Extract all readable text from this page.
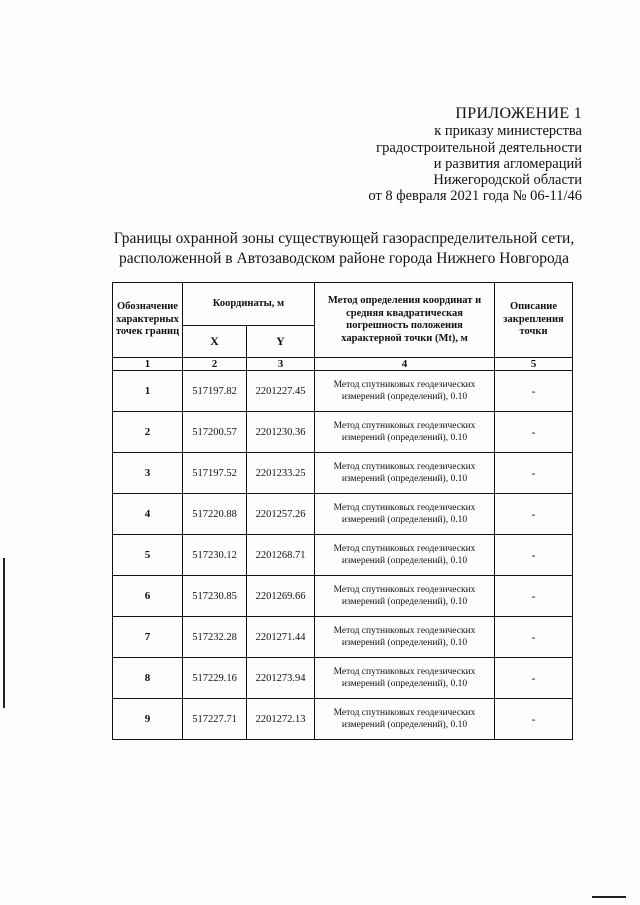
ПРИЛОЖЕНИЕ 1
к приказу министерства
градостроительной деятельности
и развития агломераций
Нижегородской области
от 8 февраля 2021 года № 06-11/46
Границы охранной зоны существующей газораспределительной сети,
расположенной в Автозаводском районе города Нижнего Новгорода
Обозначение характерных точек границ	Координаты, м		Метод определения координат и средняя квадратическая погрешность положения характерной точки (Mt), м	Описание закрепления точки
	X	Y		
1	2	3	4	5
1	517197.82	2201227.45	Метод спутниковых геодезических измерений (определений), 0.10	-
2	517200.57	2201230.36	Метод спутниковых геодезических измерений (определений), 0.10	-
3	517197.52	2201233.25	Метод спутниковых геодезических измерений (определений), 0.10	-
4	517220.88	2201257.26	Метод спутниковых геодезических измерений (определений), 0.10	-
5	517230.12	2201268.71	Метод спутниковых геодезических измерений (определений), 0.10	-
6	517230.85	2201269.66	Метод спутниковых геодезических измерений (определений), 0.10	-
7	517232.28	2201271.44	Метод спутниковых геодезических измерений (определений), 0.10	-
8	517229.16	2201273.94	Метод спутниковых геодезических измерений (определений), 0.10	-
9	517227.71	2201272.13	Метод спутниковых геодезических измерений (определений), 0.10	-
